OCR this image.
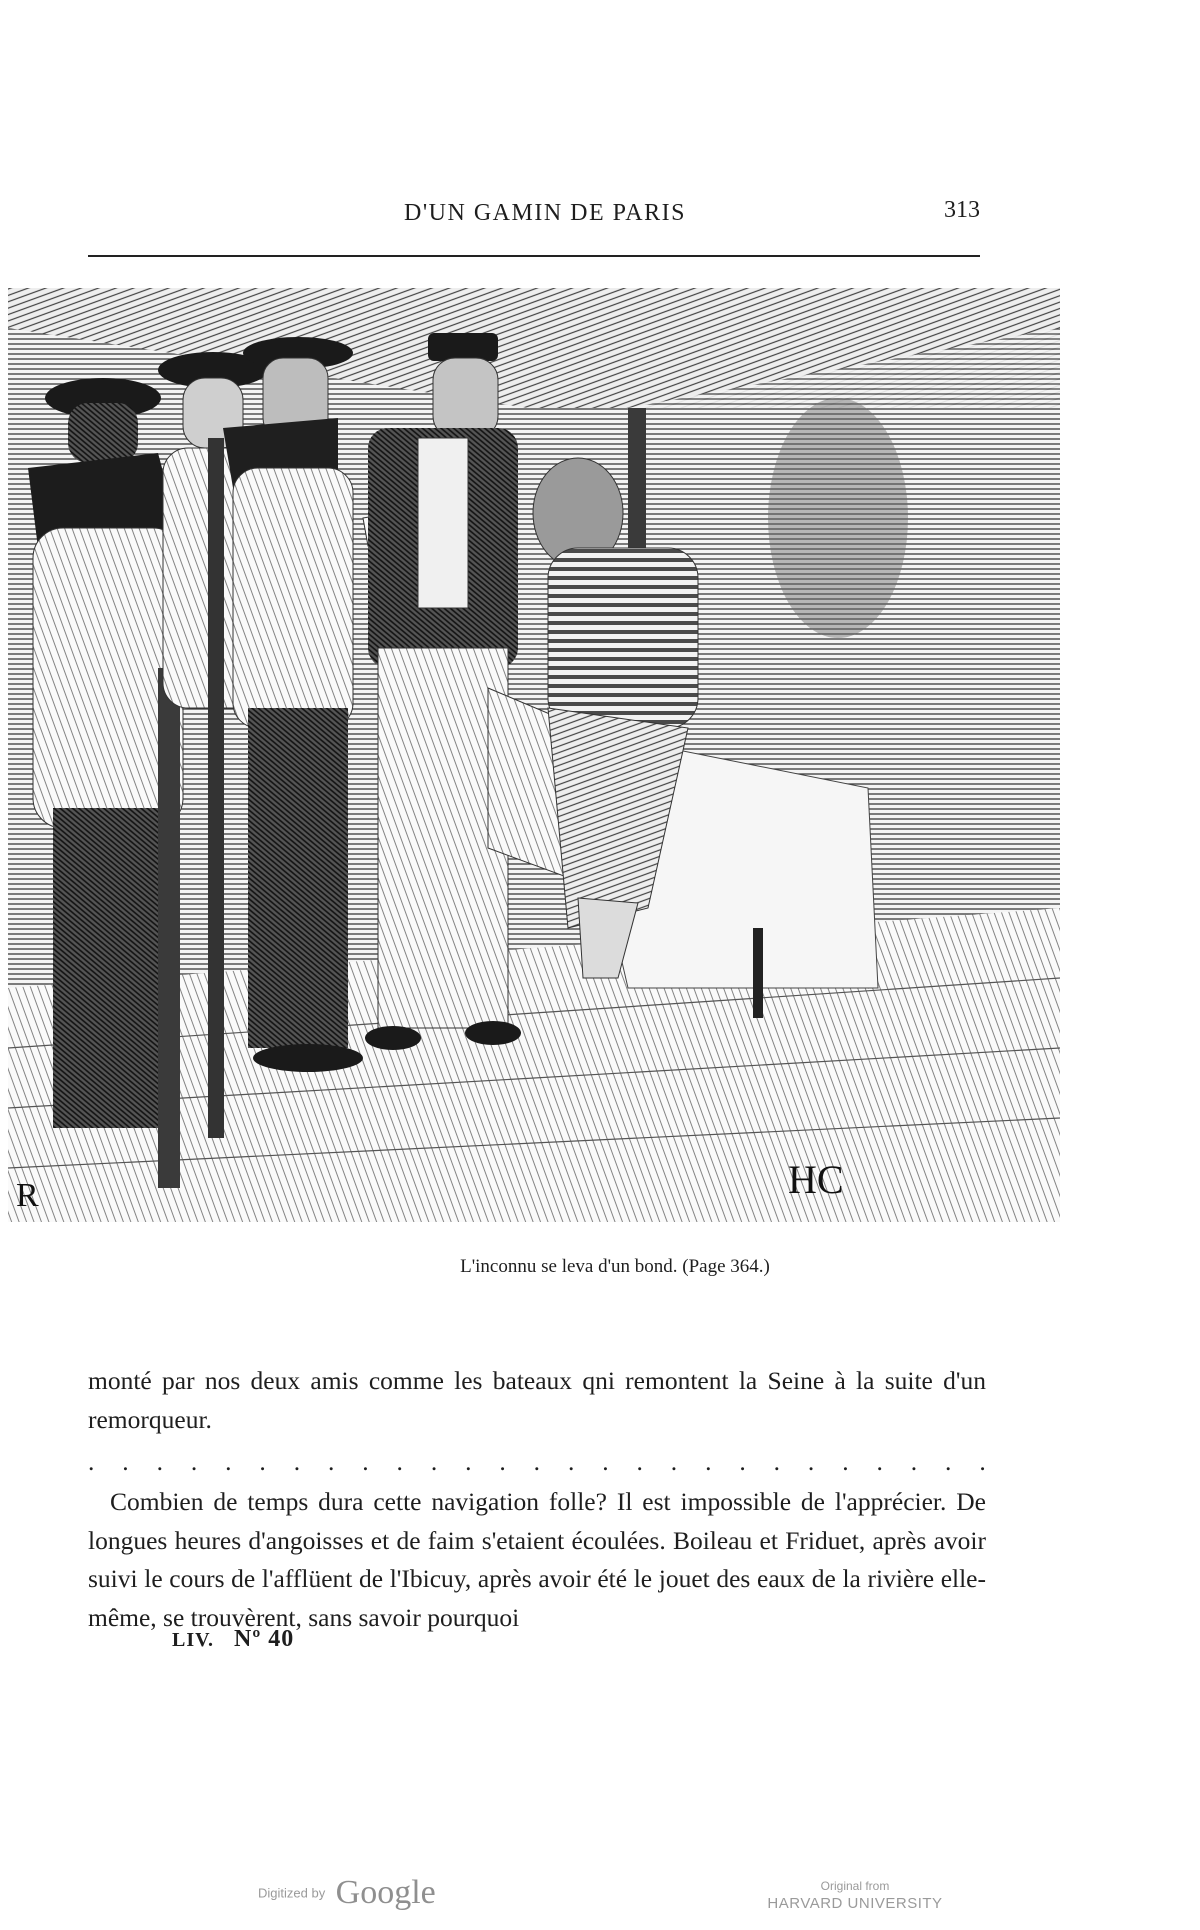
D'UN GAMIN DE PARIS	313
R	HC
L'inconnu se leva d'un bond. (Page 364.)

monté par nos deux amis comme les bateaux qni remontent la Seine à la suite d'un remorqueur.

. . . . . . . . . . . . . . . . . . . . . . . . . . .

Combien de temps dura cette navigation folle? Il est impossible de l'apprécier. De longues heures d'angoisses et de faim s'etaient écoulées. Boileau et Friduet, après avoir suivi le cours de l'afflüent de l'Ibicuy, après avoir été le jouet des eaux de la rivière elle-même, se trouvèrent, sans savoir pourquoi

LIV. Nº 40
Digitized by Google	Original from
HARVARD UNIVERSITY
